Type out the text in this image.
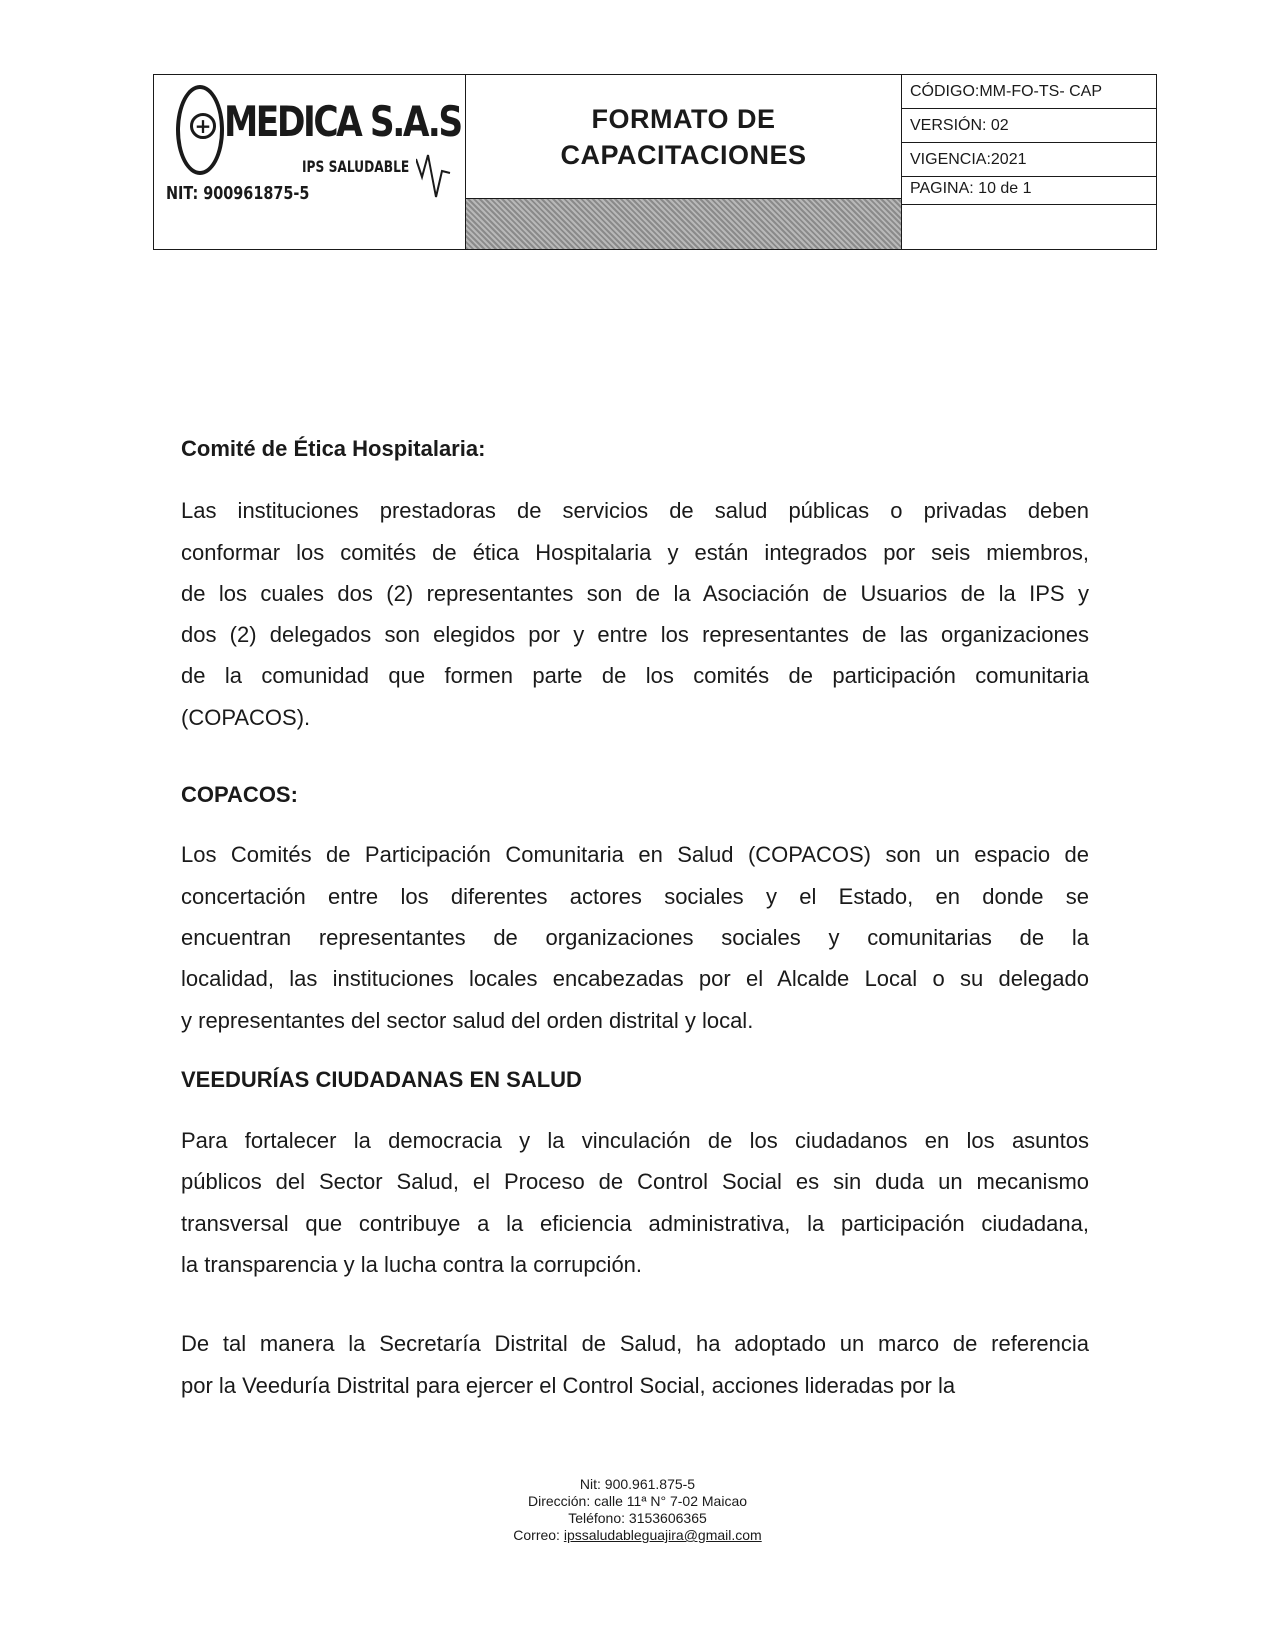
+ MEDICA S.A.S
IPS SALUDABLE
NIT: 900961875-5

FORMATO DE
CAPACITACIONES

CÓDIGO:MM-FO-TS- CAP
VERSIÓN: 02
VIGENCIA:2021
PAGINA: 10 de 1

Comité de Ética Hospitalaria:

Las instituciones prestadoras de servicios de salud públicas o privadas deben
conformar los comités de ética Hospitalaria y están integrados por seis miembros,
de los cuales dos (2) representantes son de la Asociación de Usuarios de la IPS y
dos (2) delegados son elegidos por y entre los representantes de las organizaciones
de la comunidad que formen parte de los comités de participación comunitaria
(COPACOS).

COPACOS:

Los Comités de Participación Comunitaria en Salud (COPACOS) son un espacio de
concertación entre los diferentes actores sociales y el Estado, en donde se
encuentran representantes de organizaciones sociales y comunitarias de la
localidad, las instituciones locales encabezadas por el Alcalde Local o su delegado
y representantes del sector salud del orden distrital y local.

VEEDURÍAS CIUDADANAS EN SALUD

Para fortalecer la democracia y la vinculación de los ciudadanos en los asuntos
públicos del Sector Salud, el Proceso de Control Social es sin duda un mecanismo
transversal que contribuye a la eficiencia administrativa, la participación ciudadana,
la transparencia y la lucha contra la corrupción.

De tal manera la Secretaría Distrital de Salud, ha adoptado un marco de referencia
por la Veeduría Distrital para ejercer el Control Social, acciones lideradas por la

Nit: 900.961.875-5
Dirección: calle 11ª N° 7-02 Maicao
Teléfono: 3153606365
Correo: ipssaludableguajira@gmail.com
